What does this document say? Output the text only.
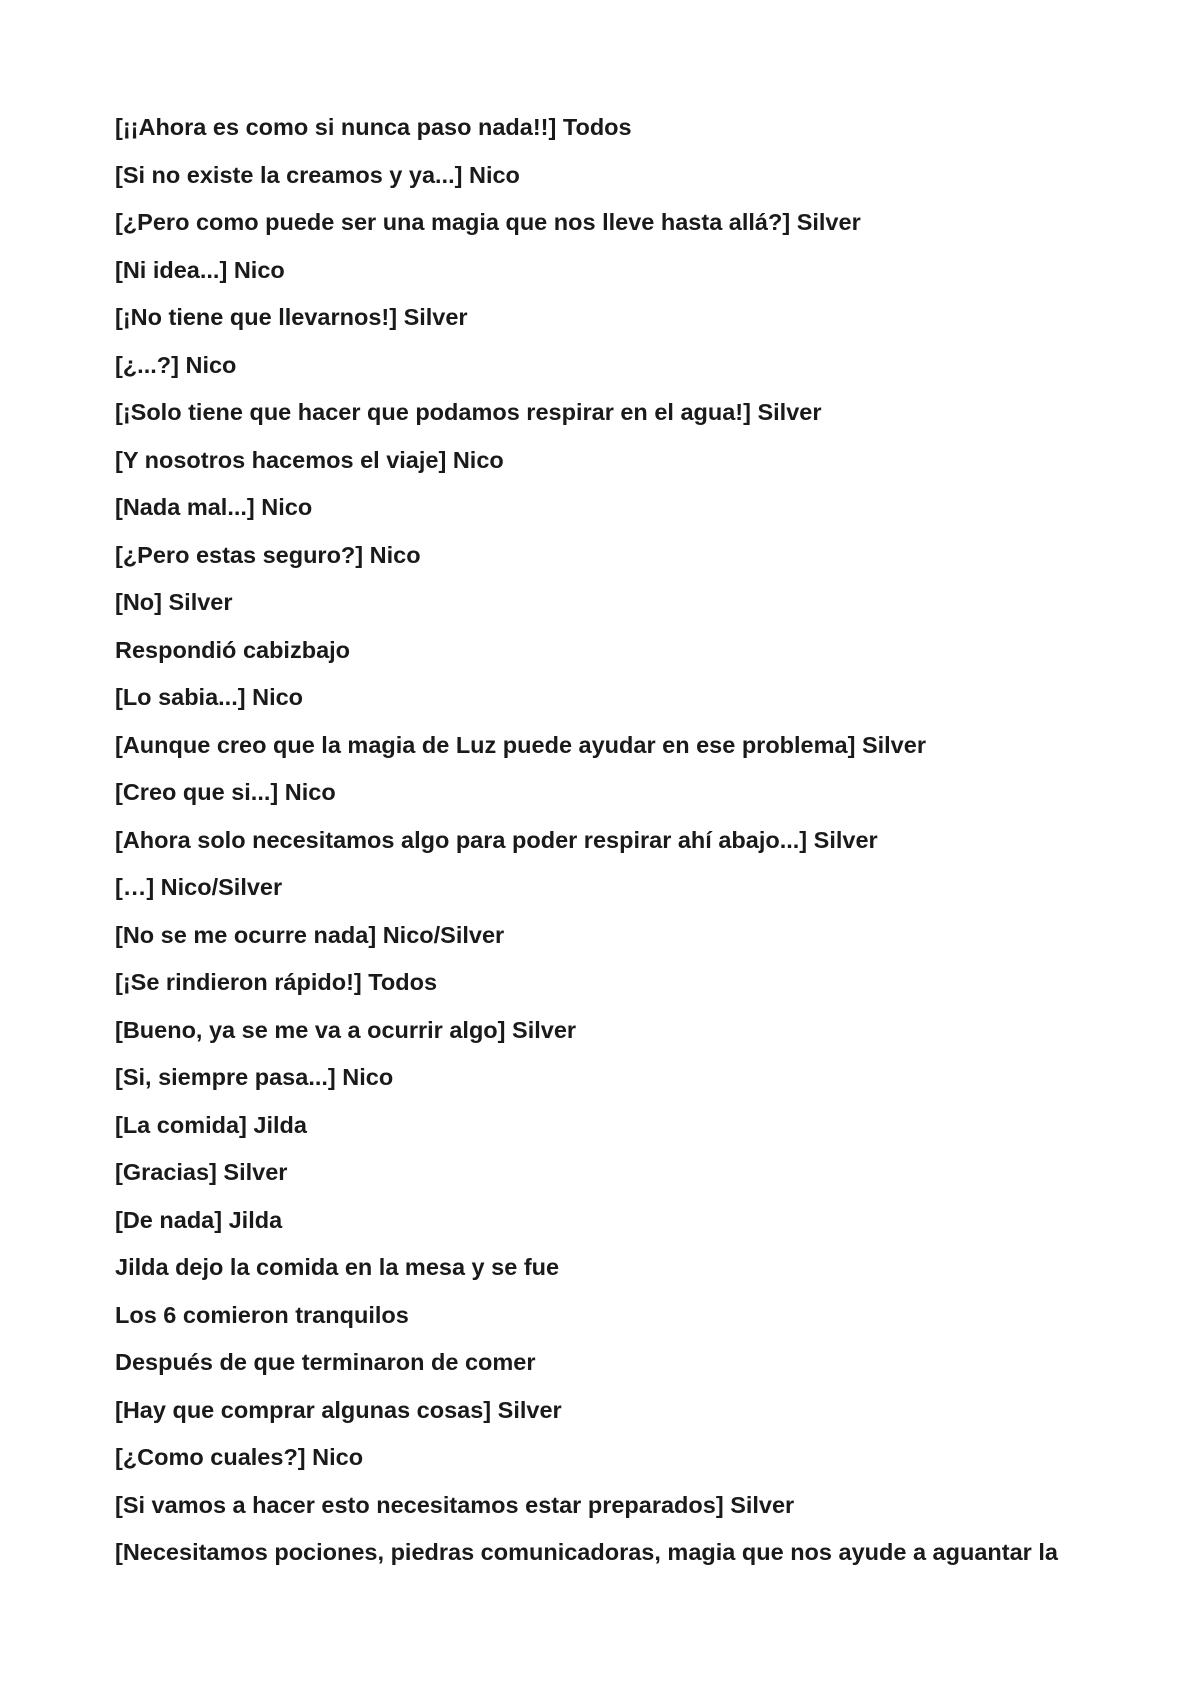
[¡¡Ahora es como si nunca paso nada!!] Todos
[Si no existe la creamos y ya...] Nico
[¿Pero como puede ser una magia que nos lleve hasta allá?] Silver
[Ni idea...] Nico
[¡No tiene que llevarnos!] Silver
[¿...?] Nico
[¡Solo tiene que hacer que podamos respirar en el agua!] Silver
[Y nosotros hacemos el viaje] Nico
[Nada mal...] Nico
[¿Pero estas seguro?] Nico
[No] Silver
Respondió cabizbajo
[Lo sabia...] Nico
[Aunque creo que la magia de Luz puede ayudar en ese problema] Silver
[Creo que si...] Nico
[Ahora solo necesitamos algo para poder respirar ahí abajo...] Silver
[…] Nico/Silver
[No se me ocurre nada] Nico/Silver
[¡Se rindieron rápido!] Todos
[Bueno, ya se me va a ocurrir algo] Silver
[Si, siempre pasa...] Nico
[La comida] Jilda
[Gracias] Silver
[De nada] Jilda
Jilda dejo la comida en la mesa y se fue
Los 6 comieron tranquilos
Después de que terminaron de comer
[Hay que comprar algunas cosas] Silver
[¿Como cuales?] Nico
[Si vamos a hacer esto necesitamos estar preparados] Silver
[Necesitamos pociones, piedras comunicadoras, magia que nos ayude a aguantar la
